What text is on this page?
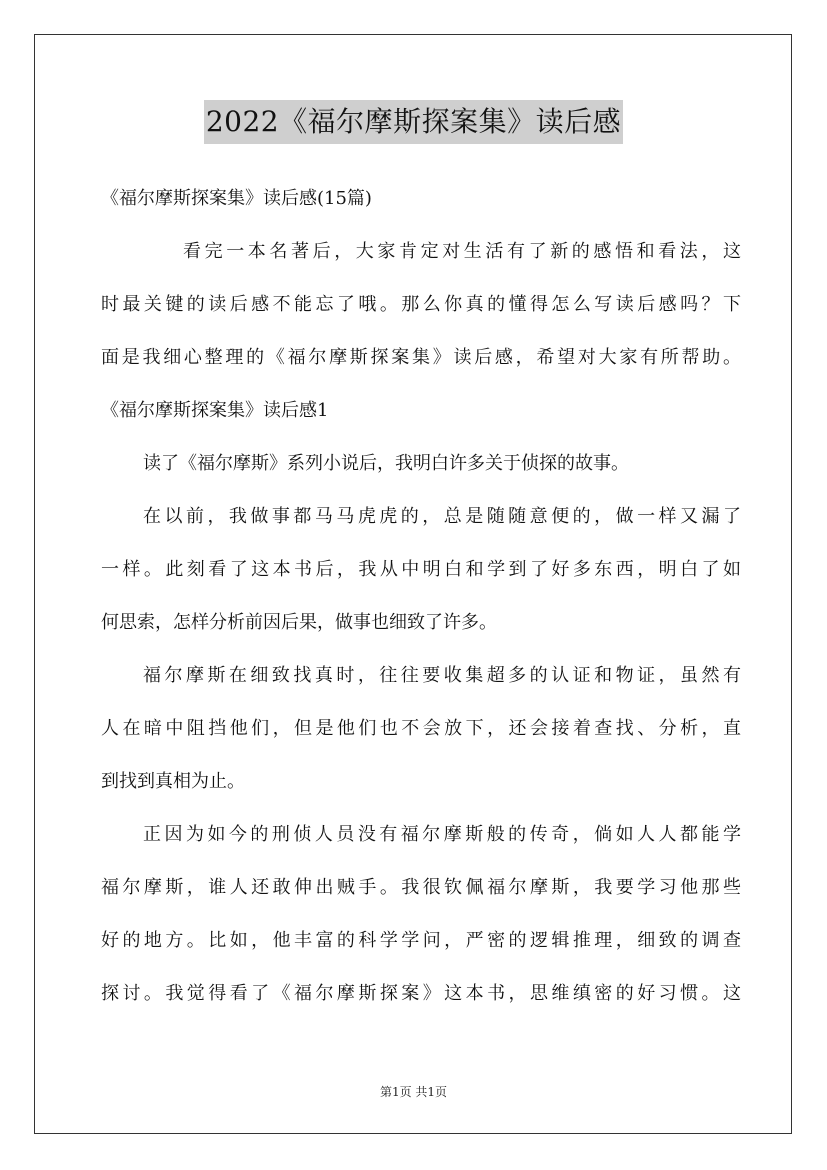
2022《福尔摩斯探案集》读后感
《福尔摩斯探案集》读后感(15篇)
看完一本名著后，大家肯定对生活有了新的感悟和看法，这
时最关键的读后感不能忘了哦。那么你真的懂得怎么写读后感吗？下
面是我细心整理的《福尔摩斯探案集》读后感，希望对大家有所帮助。
《福尔摩斯探案集》读后感1
读了《福尔摩斯》系列小说后，我明白许多关于侦探的故事。
在以前，我做事都马马虎虎的，总是随随意便的，做一样又漏了
一样。此刻看了这本书后，我从中明白和学到了好多东西，明白了如
何思索，怎样分析前因后果，做事也细致了许多。
福尔摩斯在细致找真时，往往要收集超多的认证和物证，虽然有
人在暗中阻挡他们，但是他们也不会放下，还会接着查找、分析，直
到找到真相为止。
正因为如今的刑侦人员没有福尔摩斯般的传奇，倘如人人都能学
福尔摩斯，谁人还敢伸出贼手。我很钦佩福尔摩斯，我要学习他那些
好的地方。比如，他丰富的科学学问，严密的逻辑推理，细致的调查
探讨。我觉得看了《福尔摩斯探案》这本书，思维缜密的好习惯。这
第1页 共1页
